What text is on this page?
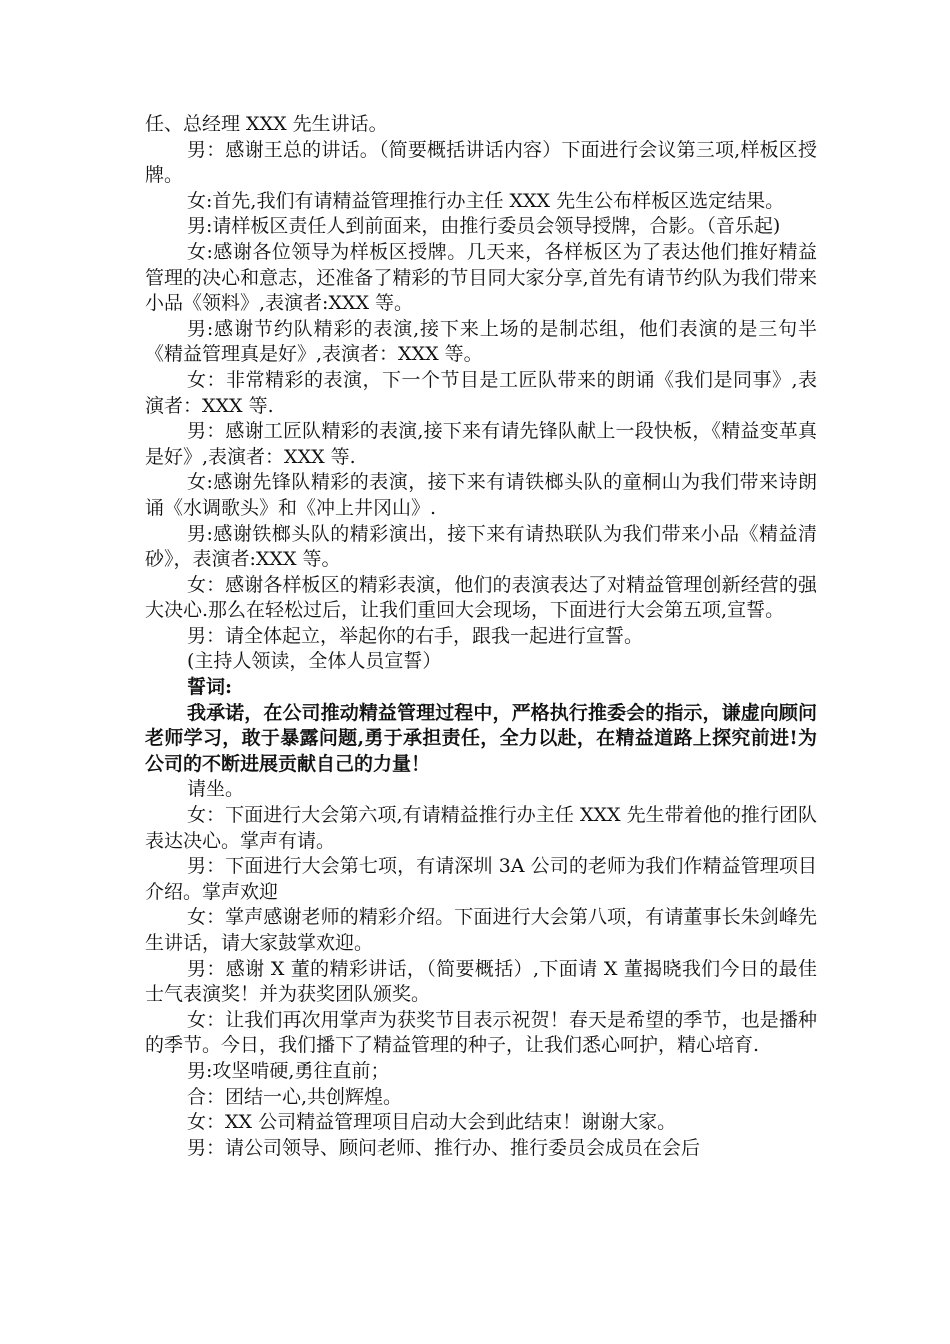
任、总经理 XXX 先生讲话。

男：感谢王总的讲话。（简要概括讲话内容）下面进行会议第三项,样板区授牌。

女:首先,我们有请精益管理推行办主任 XXX 先生公布样板区选定结果。

男:请样板区责任人到前面来，由推行委员会领导授牌，合影。（音乐起)

女:感谢各位领导为样板区授牌。几天来，各样板区为了表达他们推好精益管理的决心和意志，还准备了精彩的节目同大家分享,首先有请节约队为我们带来小品《领料》,表演者:XXX 等。

男:感谢节约队精彩的表演,接下来上场的是制芯组，他们表演的是三句半《精益管理真是好》,表演者：XXX 等。

女：非常精彩的表演，下一个节目是工匠队带来的朗诵《我们是同事》,表演者：XXX 等.

男：感谢工匠队精彩的表演,接下来有请先锋队献上一段快板，《精益变革真是好》,表演者：XXX 等.

女:感谢先锋队精彩的表演，接下来有请铁榔头队的童桐山为我们带来诗朗诵《水调歌头》和《冲上井冈山》.

男:感谢铁榔头队的精彩演出，接下来有请热联队为我们带来小品《精益清砂》，表演者:XXX 等。

女：感谢各样板区的精彩表演，他们的表演表达了对精益管理创新经营的强大决心.那么在轻松过后，让我们重回大会现场，下面进行大会第五项,宣誓。

男：请全体起立，举起你的右手，跟我一起进行宣誓。

(主持人领读，全体人员宣誓）

誓词:

我承诺，在公司推动精益管理过程中，严格执行推委会的指示，谦虚向顾问老师学习，敢于暴露问题,勇于承担责任，全力以赴，在精益道路上探究前进!为公司的不断进展贡献自己的力量！

请坐。

女：下面进行大会第六项,有请精益推行办主任 XXX 先生带着他的推行团队表达决心。掌声有请。

男：下面进行大会第七项，有请深圳 3A 公司的老师为我们作精益管理项目介绍。掌声欢迎

女：掌声感谢老师的精彩介绍。下面进行大会第八项，有请董事长朱剑峰先生讲话，请大家鼓掌欢迎。

男：感谢 X 董的精彩讲话，（简要概括）,下面请 X 董揭晓我们今日的最佳士气表演奖！并为获奖团队颁奖。

女：让我们再次用掌声为获奖节目表示祝贺！春天是希望的季节，也是播种的季节。今日，我们播下了精益管理的种子，让我们悉心呵护，精心培育.

男:攻坚啃硬,勇往直前；

合：团结一心,共创辉煌。

女：XX 公司精益管理项目启动大会到此结束！谢谢大家。

男：请公司领导、顾问老师、推行办、推行委员会成员在会后
